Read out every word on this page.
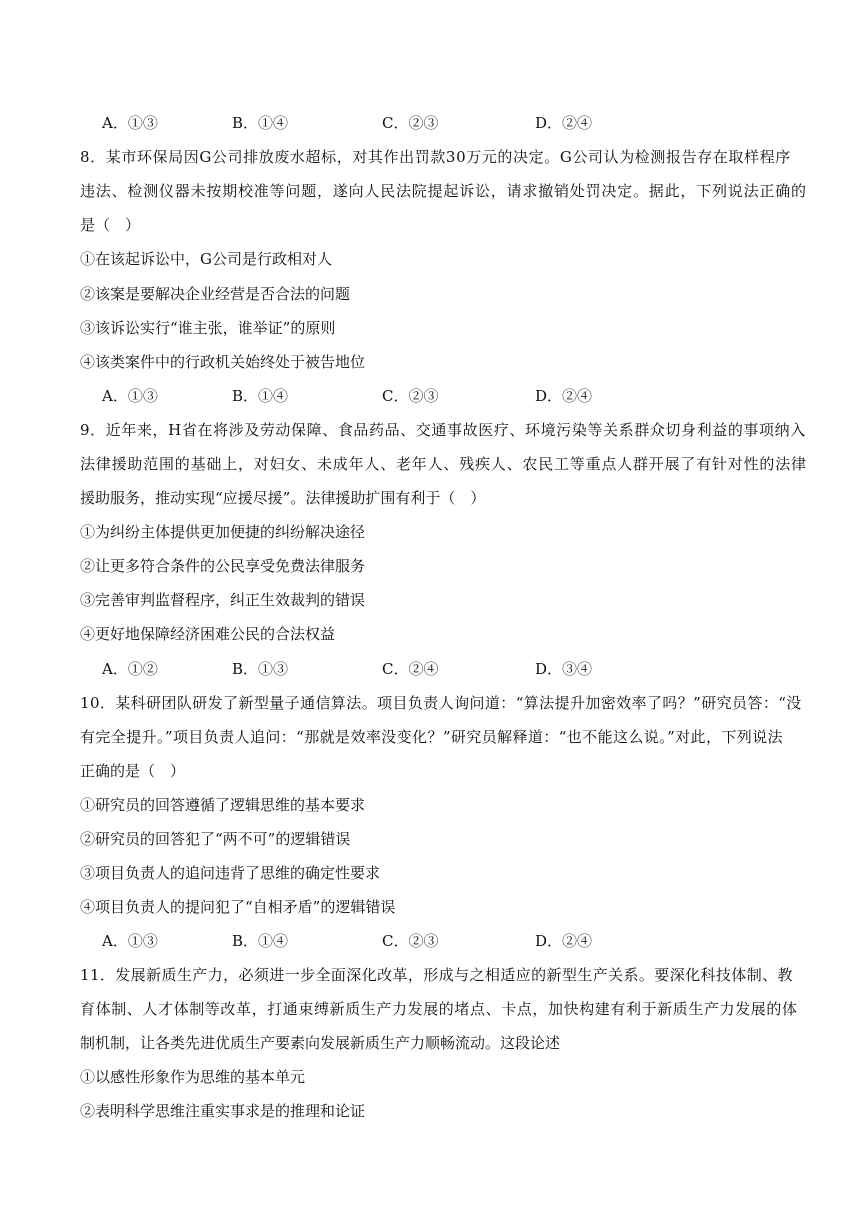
A．①③	B．①④	C．②③	D．②④
8．某市环保局因G公司排放废水超标，对其作出罚款30万元的决定。G公司认为检测报告存在取样程序
违法、检测仪器未按期校准等问题，遂向人民法院提起诉讼，请求撤销处罚决定。据此，下列说法正确的
是（　）
①在该起诉讼中，G公司是行政相对人
②该案是要解决企业经营是否合法的问题
③该诉讼实行“谁主张，谁举证”的原则
④该类案件中的行政机关始终处于被告地位
A．①③	B．①④	C．②③	D．②④
9．近年来，H省在将涉及劳动保障、食品药品、交通事故医疗、环境污染等关系群众切身利益的事项纳入
法律援助范围的基础上，对妇女、未成年人、老年人、残疾人、农民工等重点人群开展了有针对性的法律
援助服务，推动实现“应援尽援”。法律援助扩围有利于（　）
①为纠纷主体提供更加便捷的纠纷解决途径
②让更多符合条件的公民享受免费法律服务
③完善审判监督程序，纠正生效裁判的错误
④更好地保障经济困难公民的合法权益
A．①②	B．①③	C．②④	D．③④
10．某科研团队研发了新型量子通信算法。项目负责人询问道：“算法提升加密效率了吗？”研究员答：“没
有完全提升。”项目负责人追问：“那就是效率没变化？”研究员解释道：“也不能这么说。”对此，下列说法
正确的是（　）
①研究员的回答遵循了逻辑思维的基本要求
②研究员的回答犯了“两不可”的逻辑错误
③项目负责人的追问违背了思维的确定性要求
④项目负责人的提问犯了“自相矛盾”的逻辑错误
A．①③	B．①④	C．②③	D．②④
11．发展新质生产力，必须进一步全面深化改革，形成与之相适应的新型生产关系。要深化科技体制、教
育体制、人才体制等改革，打通束缚新质生产力发展的堵点、卡点，加快构建有利于新质生产力发展的体
制机制，让各类先进优质生产要素向发展新质生产力顺畅流动。这段论述
①以感性形象作为思维的基本单元
②表明科学思维注重实事求是的推理和论证
